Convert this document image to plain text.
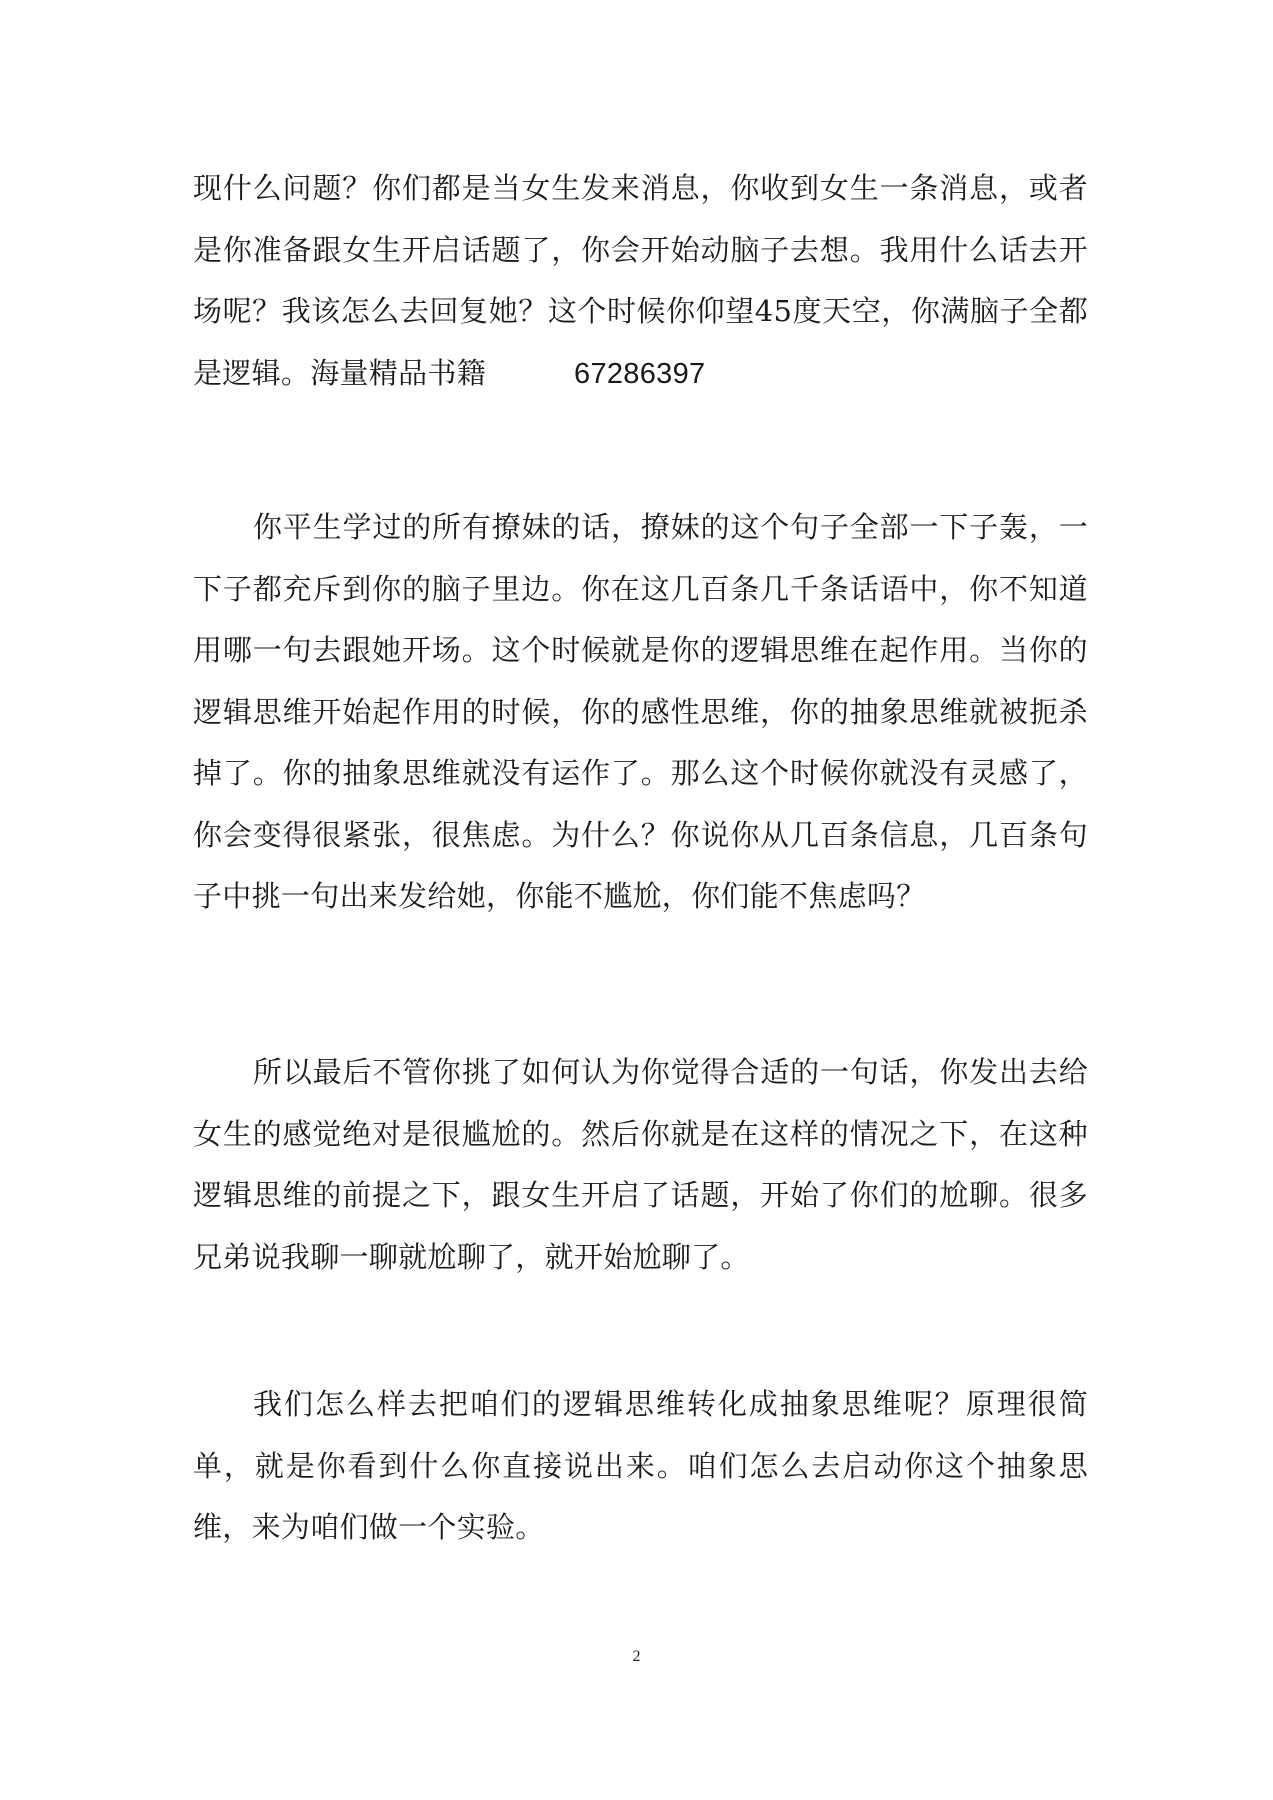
现什么问题？你们都是当女生发来消息，你收到女生一条消息，或者是你准备跟女生开启话题了，你会开始动脑子去想。我用什么话去开场呢？我该怎么去回复她？这个时候你仰望45度天空，你满脑子全都是逻辑。海量精品书籍	67286397

你平生学过的所有撩妹的话，撩妹的这个句子全部一下子轰，一下子都充斥到你的脑子里边。你在这几百条几千条话语中，你不知道用哪一句去跟她开场。这个时候就是你的逻辑思维在起作用。当你的逻辑思维开始起作用的时候，你的感性思维，你的抽象思维就被扼杀掉了。你的抽象思维就没有运作了。那么这个时候你就没有灵感了，你会变得很紧张，很焦虑。为什么？你说你从几百条信息，几百条句子中挑一句出来发给她，你能不尴尬，你们能不焦虑吗？

所以最后不管你挑了如何认为你觉得合适的一句话，你发出去给女生的感觉绝对是很尴尬的。然后你就是在这样的情况之下，在这种逻辑思维的前提之下，跟女生开启了话题，开始了你们的尬聊。很多兄弟说我聊一聊就尬聊了，就开始尬聊了。

我们怎么样去把咱们的逻辑思维转化成抽象思维呢？原理很简单，就是你看到什么你直接说出来。咱们怎么去启动你这个抽象思维，来为咱们做一个实验。

2
